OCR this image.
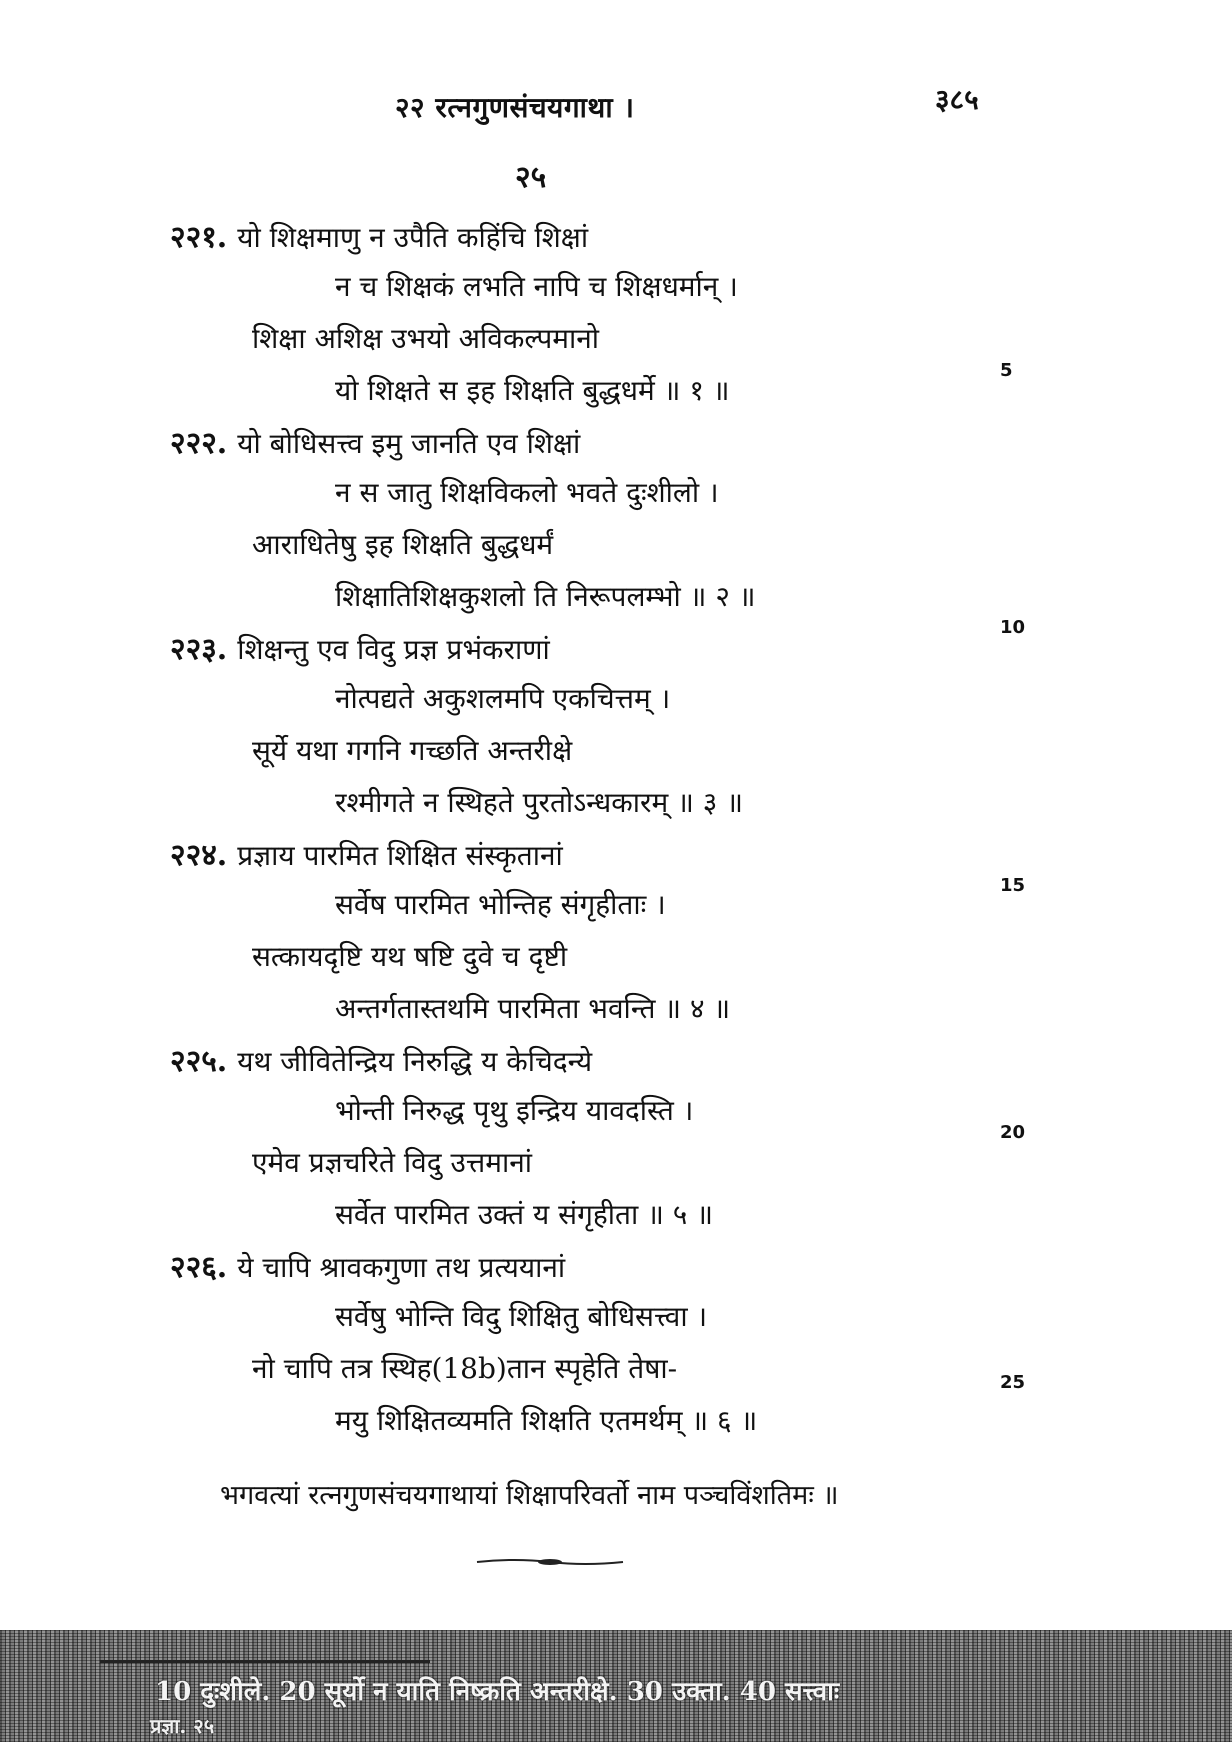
२२ रत्नगुणसंचयगाथा ।	३८५
२५
२२१. यो शिक्षमाणु न उपैति कहिंचि शिक्षां
न च शिक्षकं लभति नापि च शिक्षधर्मान् ।
शिक्षा अशिक्ष उभयो अविकल्पमानो
यो शिक्षते स इह शिक्षति बुद्धधर्मे ॥ १ ॥
२२२. यो बोधिसत्त्व इमु जानति एव शिक्षां
न स जातु शिक्षविकलो भवते दुःशीलो ।
आराधितेषु इह शिक्षति बुद्धधर्मं
शिक्षातिशिक्षकुशलो ति निरूपलम्भो ॥ २ ॥
२२३. शिक्षन्तु एव विदु प्रज्ञ प्रभंकराणां
नोत्पद्यते अकुशलमपि एकचित्तम् ।
सूर्ये यथा गगनि गच्छति अन्तरीक्षे
रश्मीगते न स्थिहते पुरतोऽन्धकारम् ॥ ३ ॥
२२४. प्रज्ञाय पारमित शिक्षित संस्कृतानां
सर्वेष पारमित भोन्तिह संगृहीताः ।
सत्कायदृष्टि यथ षष्टि दुवे च दृष्टी
अन्तर्गतास्तथमि पारमिता भवन्ति ॥ ४ ॥
२२५. यथ जीवितेन्द्रिय निरुद्धि य केचिदन्ये
भोन्ती निरुद्ध पृथु इन्द्रिय यावदस्ति ।
एमेव प्रज्ञचरिते विदु उत्तमानां
सर्वेत पारमित उक्तं य संगृहीता ॥ ५ ॥
२२६. ये चापि श्रावकगुणा तथ प्रत्ययानां
सर्वेषु भोन्ति विदु शिक्षितु बोधिसत्त्वा ।
नो चापि तत्र स्थिह(18b)तान स्पृहेति तेषा-
मयु शिक्षितव्यमति शिक्षति एतमर्थम् ॥ ६ ॥
5
10
15
20
25
भगवत्यां रत्नगुणसंचयगाथायां शिक्षापरिवर्तो नाम पञ्चविंशतिमः ॥
10 दुःशीले. 20 सूर्यो न याति निष्क्रति अन्तरीक्षे. 30 उक्ता. 40 सत्त्वाः
प्रज्ञा. २५
